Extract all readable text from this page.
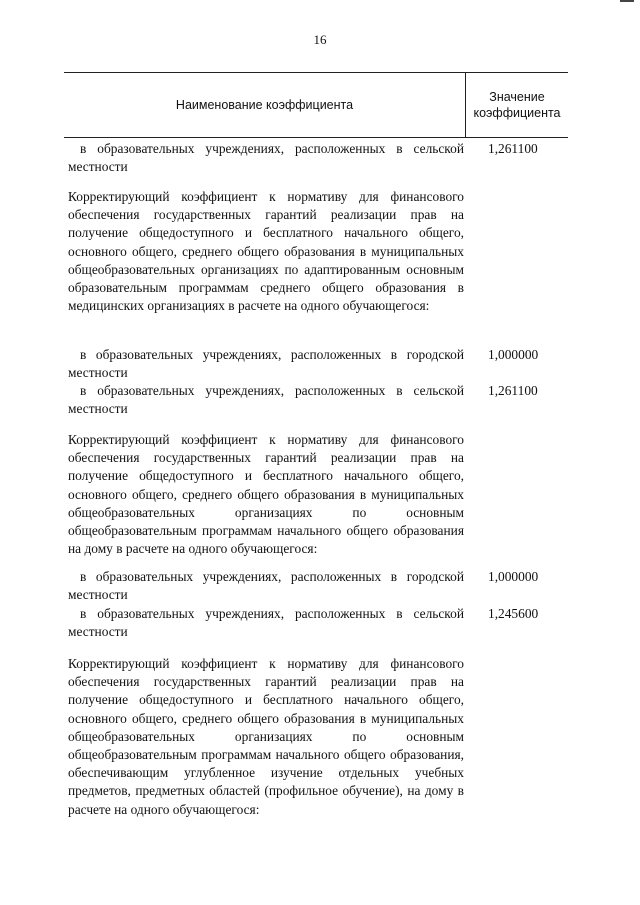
16
Наименование коэффициента
Значение
коэффициента
в образовательных учреждениях, расположенных в сельской местности
1,261100
Корректирующий коэффициент к нормативу для финансового обеспечения государственных гарантий реализации прав на получение общедоступного и бесплатного начального общего, основного общего, среднего общего образования в муниципальных общеобразовательных организациях по адаптированным основным образовательным программам среднего общего образования в медицинских организациях в расчете на одного обучающегося:
в образовательных учреждениях, расположенных в городской местности
1,000000
в образовательных учреждениях, расположенных в сельской местности
1,261100
Корректирующий коэффициент к нормативу для финансового обеспечения государственных гарантий реализации прав на получение общедоступного и бесплатного начального общего, основного общего, среднего общего образования в муниципальных общеобразовательных организациях по основным общеобразовательным программам начального общего образования на дому в расчете на одного обучающегося:
в образовательных учреждениях, расположенных в городской местности
1,000000
в образовательных учреждениях, расположенных в сельской местности
1,245600
Корректирующий коэффициент к нормативу для финансового обеспечения государственных гарантий реализации прав на получение общедоступного и бесплатного начального общего, основного общего, среднего общего образования в муниципальных общеобразовательных организациях по основным общеобразовательным программам начального общего образования, обеспечивающим углубленное изучение отдельных учебных предметов, предметных областей (профильное обучение), на дому в расчете на одного обучающегося:
